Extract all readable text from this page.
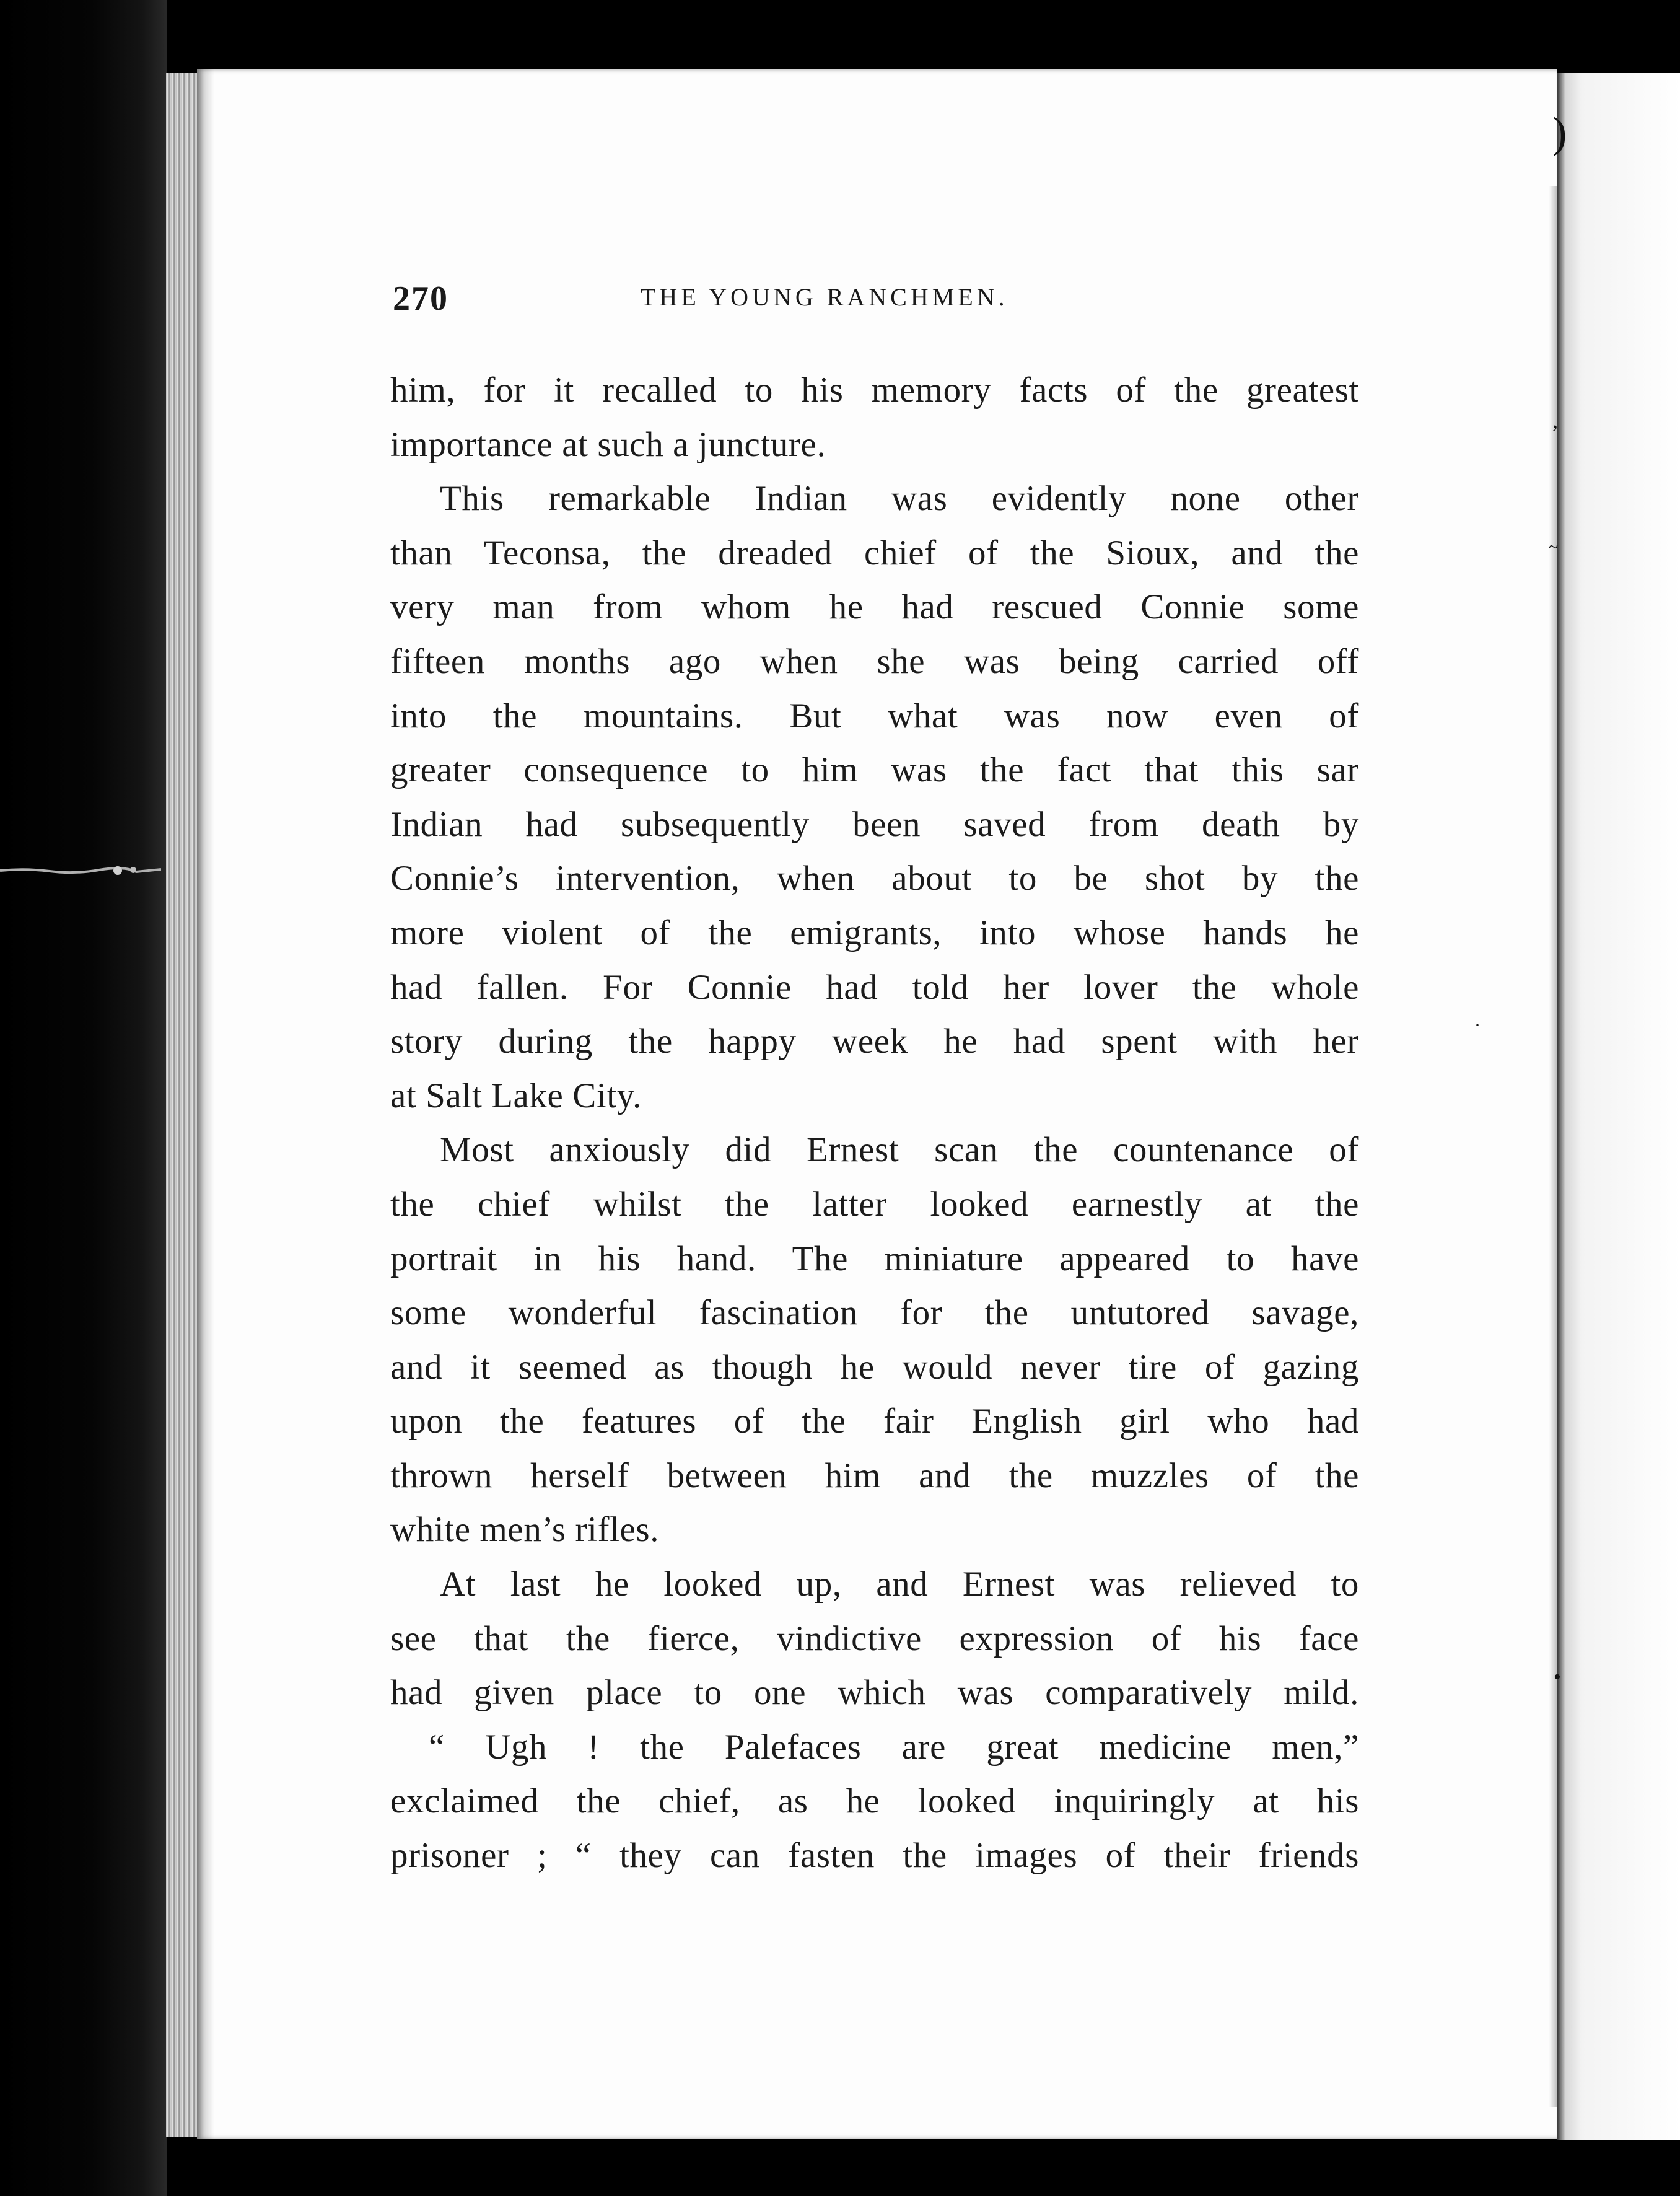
)
,
~
·
•
270	THE YOUNG RANCHMEN.
him, for it recalled to his memory facts of the greatest
importance at such a juncture.
This remarkable Indian was evidently none other
than Teconsa, the dreaded chief of the Sioux, and the
very man from whom he had rescued Connie some
fifteen months ago when she was being carried off
into the mountains. But what was now even of
greater consequence to him was the fact that this sar
Indian had subsequently been saved from death by
Connie’s intervention, when about to be shot by the
more violent of the emigrants, into whose hands he
had fallen. For Connie had told her lover the whole
story during the happy week he had spent with her
at Salt Lake City.
Most anxiously did Ernest scan the countenance of
the chief whilst the latter looked earnestly at the
portrait in his hand. The miniature appeared to have
some wonderful fascination for the untutored savage,
and it seemed as though he would never tire of gazing
upon the features of the fair English girl who had
thrown herself between him and the muzzles of the
white men’s rifles.
At last he looked up, and Ernest was relieved to
see that the fierce, vindictive expression of his face
had given place to one which was comparatively mild.
“ Ugh ! the Palefaces are great medicine men,”
exclaimed the chief, as he looked inquiringly at his
prisoner ; “ they can fasten the images of their friends
